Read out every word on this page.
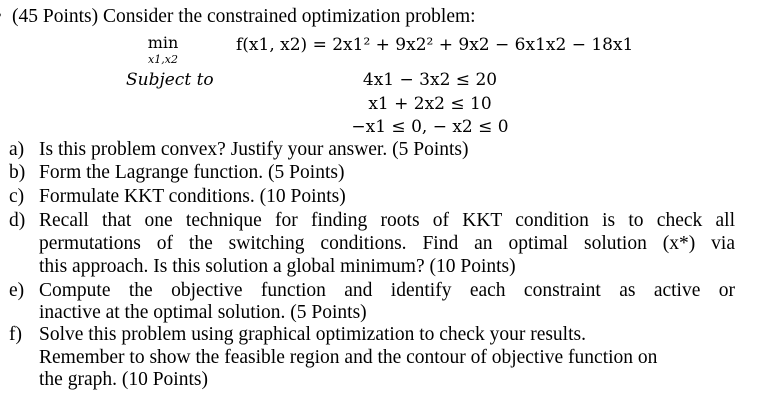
(45 Points) Consider the constrained optimization problem:
min
x1,x2
f(x1, x2) = 2x1² + 9x2² + 9x2 − 6x1x2 − 18x1
Subject to	4x1 − 3x2 ≤ 20
x1 + 2x2 ≤ 10
−x1 ≤ 0, − x2 ≤ 0
a) Is this problem convex? Justify your answer. (5 Points)
b) Form the Lagrange function. (5 Points)
c) Formulate KKT conditions. (10 Points)
d) Recall that one technique for finding roots of KKT condition is to check all
permutations of the switching conditions. Find an optimal solution (x*) via
this approach. Is this solution a global minimum? (10 Points)
e) Compute the objective function and identify each constraint as active or
inactive at the optimal solution. (5 Points)
f) Solve this problem using graphical optimization to check your results.
Remember to show the feasible region and the contour of objective function on
the graph. (10 Points)
